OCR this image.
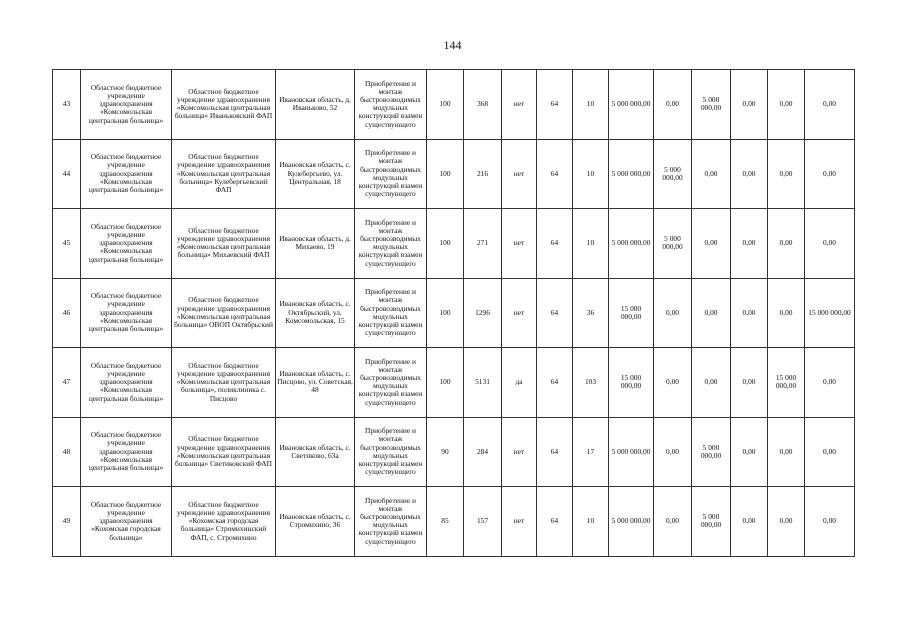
144
43	Областное бюджетное учреждение здравоохранения «Комсомольская центральная больница»	Областное бюджетное учреждение здравоохранения «Комсомольская центральная больница» Иваньковский ФАП	Ивановская область, д. Иваньково, 52	Приобретение и монтаж быстровозводимых модульных конструкций взамен существующего	100	368	нет	64	10	5 000 000,00	0,00	5 000 000,00	0,00	0,00	0,00
44	Областное бюджетное учреждение здравоохранения «Комсомольская центральная больница»	Областное бюджетное учреждение здравоохранения «Комсомольская центральная больница» Кулебергьевский ФАП	Ивановская область, с. Кулебергьево, ул. Центральная, 18	Приобретение и монтаж быстровозводимых модульных конструкций взамен существующего	100	216	нет	64	10	5 000 000,00	5 000 000,00	0,00	0,00	0,00	0,00
45	Областное бюджетное учреждение здравоохранения «Комсомольская центральная больница»	Областное бюджетное учреждение здравоохранения «Комсомольская центральная больница» Михаевский ФАП	Ивановская область, д. Михаево, 19	Приобретение и монтаж быстровозводимых модульных конструкций взамен существующего	100	271	нет	64	10	5 000 000,00	5 000 000,00	0,00	0,00	0,00	0,00
46	Областное бюджетное учреждение здравоохранения «Комсомольская центральная больница»	Областное бюджетное учреждение здравоохранения «Комсомольская центральная больница» ОВОП Октябрьский	Ивановская область, с. Октябрьский, ул. Комсомольская, 15	Приобретение и монтаж быстровозводимых модульных конструкций взамен существующего	100	1296	нет	64	36	15 000 000,00	0,00	0,00	0,00	0,00	15 000 000,00
47	Областное бюджетное учреждение здравоохранения «Комсомольская центральная больница»	Областное бюджетное учреждение здравоохранения «Комсомольская центральная больница», поликлиника с. Писцово	Ивановская область, с. Писцово, ул. Советская, 48	Приобретение и монтаж быстровозводимых модульных конструкций взамен существующего	100	5131	да	64	103	15 000 000,00	0,00	0,00	0,00	15 000 000,00	0,00
48	Областное бюджетное учреждение здравоохранения «Комсомольская центральная больница»	Областное бюджетное учреждение здравоохранения «Комсомольская центральная больница» Светиковский ФАП	Ивановская область, с. Светиково, 63а	Приобретение и монтаж быстровозводимых модульных конструкций взамен существующего	90	284	нет	64	17	5 000 000,00	0,00	5 000 000,00	0,00	0,00	0,00
49	Областное бюджетное учреждение здравоохранения «Кохомская городская больница»	Областное бюджетное учреждение здравоохранения «Кохомская городская больница» Стромихинский ФАП, с. Стромихино	Ивановская область, с. Стромихино, 36	Приобретение и монтаж быстровозводимых модульных конструкций взамен существующего	85	157	нет	64	10	5 000 000,00	0,00	5 000 000,00	0,00	0,00	0,00
